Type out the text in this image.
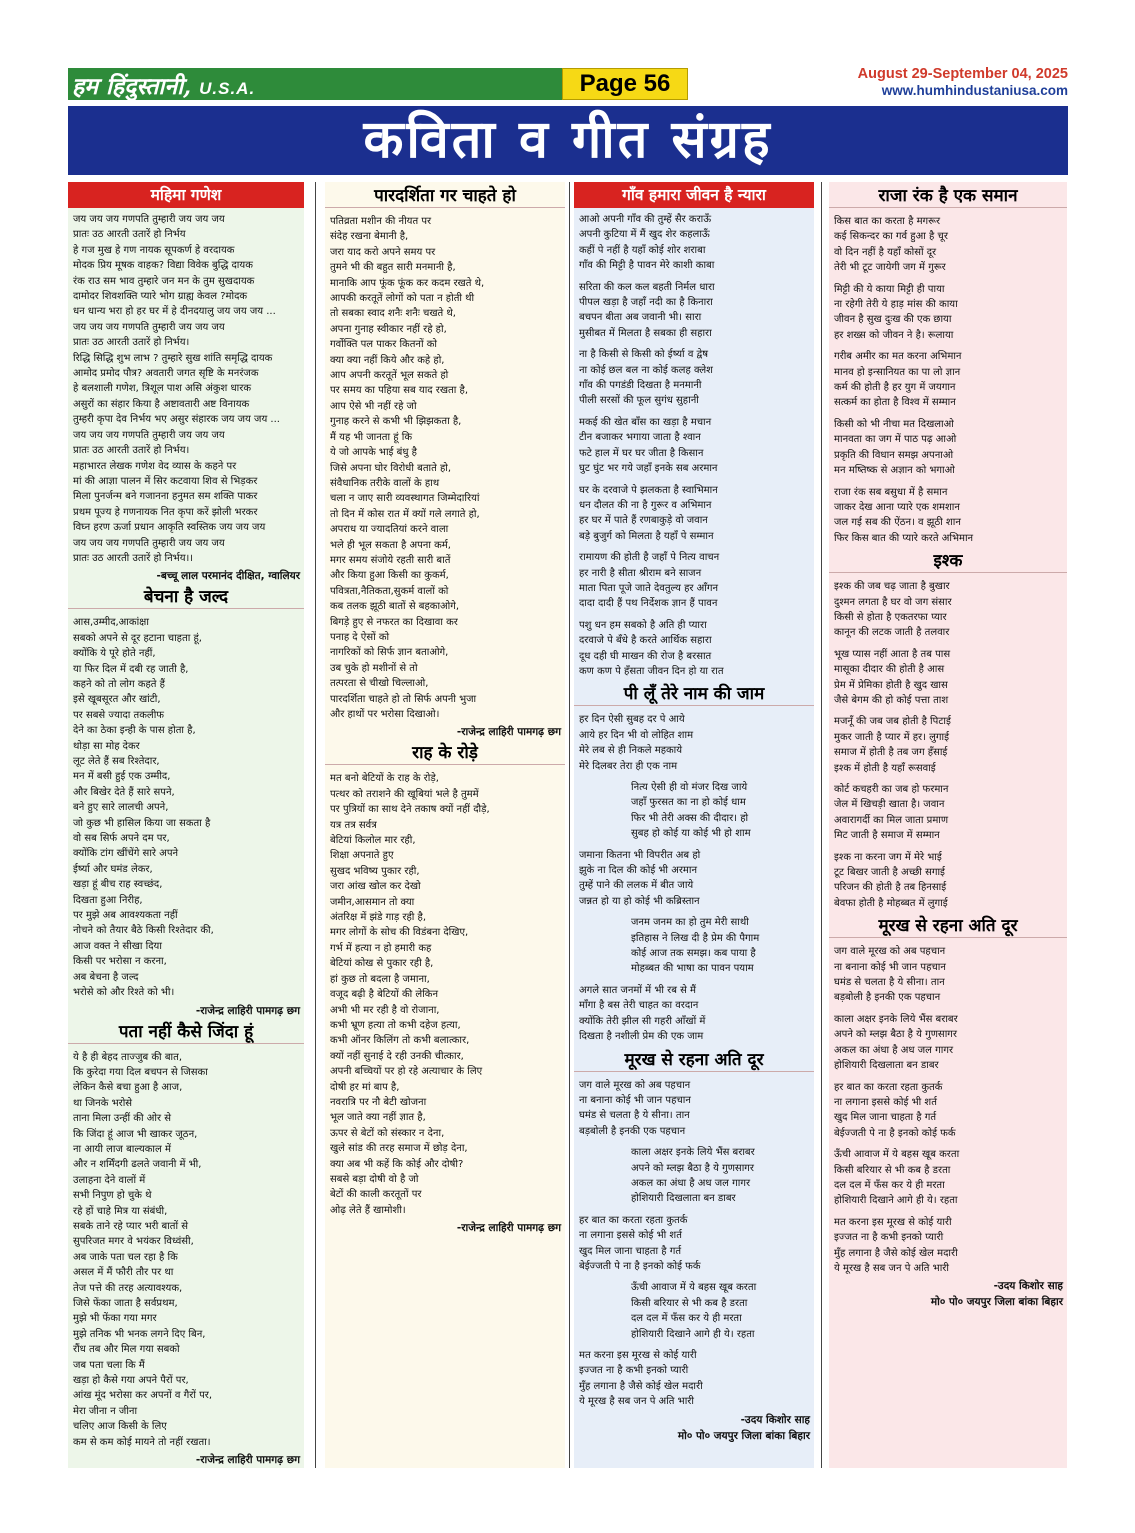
हम हिंदुस्तानी, U.S.A.	Page 56	August 29-September 04, 2025
www.humhindustaniusa.com
कविता व गीत संग्रह
महिमा गणेश

जय जय जय गणपति तुम्हारी जय जय जय

प्रातः उठ आरती उतारें हो निर्भय

हे गज मुख हे गण नायक सूपकर्ण हे वरदायक

मोदक प्रिय मूषक वाहक? विद्या विवेक बुद्धि दायक

रंक राउ सम भाव तुम्हारे जन मन के तुम सुखदायक

दामोदर शिवशक्ति प्यारे भोग ग्राह्य केवल ?मोदक

धन धान्य भरा हो हर घर में हे दीनदयालु जय जय जय ...

जय जय जय गणपति तुम्हारी जय जय जय

प्रातः उठ आरती उतारें हो निर्भय।

रिद्धि सिद्धि शुभ लाभ ? तुम्हारे सुख शांति समृद्धि दायक

आमोद प्रमोद पौत्र? अवतारी जगत सृष्टि के मनरंजक

हे बलशाली गणेश, त्रिशूल पाश असि अंकुश धारक

असुरों का संहार किया है अष्टावतारी अष्ट विनायक

तुम्हरी कृपा देव निर्भय भए असुर संहारक जय जय जय ...

जय जय जय गणपति तुम्हारी जय जय जय

प्रातः उठ आरती उतारें हो निर्भय।

महाभारत लेखक गणेश वेद व्यास के कहने पर

मां की आज्ञा पालन में सिर कटवाया शिव से भिड़कर

मिला पुनर्जन्म बने गजानना हनुमत सम शक्ति पाकर

प्रथम पूज्य हे गणनायक नित कृपा करें झोली भरकर

विघ्न हरण ऊर्जा प्रधान आकृति स्वस्तिक जय जय जय

जय जय जय गणपति तुम्हारी जय जय जय

प्रातः उठ आरती उतारें हो निर्भय।।

-बच्चू लाल परमानंद दीक्षित, ग्वालियर
बेचना है जल्द

आस,उम्मीद,आकांक्षा

सबको अपने से दूर हटाना चाहता हूं,

क्योंकि ये पूरे होते नहीं,

या फिर दिल में दबी रह जाती है,

कहने को तो लोग कहते हैं

इसे खूबसूरत और खांटी,

पर सबसे ज्यादा तकलीफ

देने का ठेका इन्ही के पास होता है,

थोड़ा सा मोह देकर

लूट लेते हैं सब रिश्तेदार,

मन में बसी हुई एक उम्मीद,

और बिखेर देते हैं सारे सपने,

बने हुए सारे लालची अपने,

जो कुछ भी हासिल किया जा सकता है

वो सब सिर्फ अपने दम पर,

क्योंकि टांग खींचेंगे सारे अपने

ईर्ष्या और घमंड लेकर,

खड़ा हूं बीच राह स्वच्छंद,

दिखता हुआ निरीह,

पर मुझे अब आवश्यकता नहीं

नोचने को तैयार बैठे किसी रिश्तेदार की,

आज वक्त ने सीखा दिया

किसी पर भरोसा न करना,

अब बेचना है जल्द

भरोसे को और रिश्ते को भी।

-राजेन्द्र लाहिरी पामगढ़ छग
पता नहीं कैसे जिंदा हूं

ये है ही बेहद ताज्जुब की बात,

कि कुरेदा गया दिल बचपन से जिसका

लेकिन कैसे बचा हुआ है आज,

था जिनके भरोसे

ताना मिला उन्हीं की ओर से

कि जिंदा हूं आज भी खाकर जूठन,

ना आयी लाज बाल्यकाल में

और न शर्मिंदगी ढलते जवानी में भी,

उलाहना देने वालों में

सभी निपुण हो चुके थे

रहे हों चाहे मित्र या संबंधी,

सबके ताने रहे प्यार भरी बातों से

सुपरिजत मगर वे भयंकर विध्वंसी,

अब जाके पता चल रहा है कि

असल में मैं फौरी तौर पर था

तेज पत्ते की तरह अत्यावश्यक,

जिसे फेंका जाता है सर्वप्रथम,

मुझे भी फेंका गया मगर

मुझे तनिक भी भनक लगने दिए बिन,

रौंध तब और मिल गया सबको

जब पता चला कि मैं

खड़ा हो कैसे गया अपने पैरों पर,

आंख मूंद भरोसा कर अपनों व गैरों पर,

मेरा जीना न जीना

चलिए आज किसी के लिए

कम से कम कोई मायने तो नहीं रखता।

-राजेन्द्र लाहिरी पामगढ़ छग
पारदर्शिता गर चाहते हो

पतिव्रता मशीन की नीयत पर

संदेह रखना बेमानी है,

जरा याद करो अपने समय पर

तुमने भी की बहुत सारी मनमानी है,

मानाकि आप फूंक फूंक कर कदम रखते थे,

आपकी करतूतें लोगों को पता न होती थी

तो सबका स्वाद शनैः शनैः चखते थे,

अपना गुनाह स्वीकार नहीं रहे हो,

गर्वोक्ति पल पाकर कितनों को

क्या क्या नहीं किये और कहे हो,

आप अपनी करतूतें भूल सकते हो

पर समय का पहिया सब याद रखता है,

आप ऐसे भी नहीं रहे जो

गुनाह करने से कभी भी झिझकता है,

मैं यह भी जानता हूं कि

ये जो आपके भाई बंधु है

जिसे अपना घोर विरोधी बताते हो,

संवैधानिक तरीके वालों के हाथ

चला न जाए सारी व्यवस्थागत जिम्मेदारियां

तो दिन में कोस रात में क्यों गले लगाते हो,

अपराध या ज्यादतियां करने वाला

भले ही भूल सकता है अपना कर्म,

मगर समय संजोये रहती सारी बातें

और किया हुआ किसी का कुकर्म,

पवित्रता,नैतिकता,सुकर्म वालों को

कब तलक झूठी बातों से बहकाओगे,

बिगड़े हुए से नफरत का दिखावा कर

पनाह दे ऐसों को

नागरिकों को सिर्फ ज्ञान बताओगे,

उब चुके हो मशीनों से तो

तत्परता से चीखो चिल्लाओ,

पारदर्शिता चाहते हो तो सिर्फ अपनी भुजा

और हाथों पर भरोसा दिखाओ।

-राजेन्द्र लाहिरी पामगढ़ छग
राह के रोड़े

मत बनो बेटियों के राह के रोड़े,

पत्थर को तराशने की खूबियां भले है तुममें

पर पुत्रियों का साथ देने तकाष क्यों नहीं दौड़े,

यत्र तत्र सर्वत्र

बेटियां किलोल मार रही,

शिक्षा अपनाते हुए

सुखद भविष्य पुकार रही,

जरा आंख खोल कर देखो

जमीन,आसमान तो क्या

अंतरिक्ष में झंडे गाड़ रही है,

मगर लोगों के सोच की विडंबना देखिए,

गर्भ में हत्या न हो हमारी कह

बेटियां कोख से पुकार रही है,

हां कुछ तो बदला है जमाना,

वजूद बढ़ी है बेटियों की लेकिन

अभी भी मर रही है वो रोजाना,

कभी भ्रूण हत्या तो कभी दहेज हत्या,

कभी ऑनर किलिंग तो कभी बलात्कार,

क्यों नहीं सुनाई दे रही उनकी चीत्कार,

अपनी बच्चियों पर हो रहे अत्याचार के लिए

दोषी हर मां बाप है,

नवरात्रि पर नौ बेटी खोजना

भूल जाते क्या नहीं ज्ञात है,

ऊपर से बेटों को संस्कार न देना,

खुले सांड की तरह समाज में छोड़ देना,

क्या अब भी कहें कि कोई और दोषी?

सबसे बड़ा दोषी वो है जो

बेटों की काली करतूतों पर

ओढ़ लेते हैं खामोशी।

-राजेन्द्र लाहिरी पामगढ़ छग
गाँव हमारा जीवन है न्यारा

आओ अपनी गाँव की तुम्हें सैर कराऊँ

अपनी कुटिया में मैं खुद शेर कहलाऊँ

कहीं पे नहीं है यहाँ कोई शोर शराबा

गाँव की मिट्टी है पावन मेरे काशी काबा

सरिता की कल कल बहती निर्मल धारा

पीपल खड़ा है जहाँ नदी का है किनारा

बचपन बीता अब जवानी भी। सारा

मुसीबत में मिलता है सबका ही सहारा

ना है किसी से किसी को ईर्ष्या व द्वेष

ना कोई छल बल ना कोई कलह क्लेश

गाँव की पगडंडी दिखता है मनमानी

पीली सरसों की फूल सुगंध सुहानी

मकई की खेत बाँस का खड़ा है मचान

टीन बजाकर भगाया जाता है श्वान

फटे हाल में घर घर जीता है किसान

घुट घुंट भर गये जहाँ इनके सब अरमान

घर के दरवाजे पे झलकता है स्वाभिमान

धन दौलत की ना है गुरूर व अभिमान

हर घर में पाते हैं रणबाकुड़े वो जवान

बड़े बुजुर्ग को मिलता है यहाँ पे सम्मान

रामायण की होती है जहाँ पे नित्य वाचन

हर नारी है सीता श्रीराम बने साजन

माता पिता पूजे जाते देवतुल्य हर आँगन

दादा दादी हैं पथ निर्देशक ज्ञान हैं पावन

पशु धन हम सबको है अति ही प्यारा

दरवाजे पे बँधे है करते आर्थिक सहारा

दूध दही घी माखन की रोज है बरसात

कण कण पे हँसता जीवन दिन हो या रात

पी लूँ तेरे नाम की जाम

हर दिन ऐसी सुबह दर पे आये

आये हर दिन भी वो लोहित शाम

मेरे लब से ही निकले महकाये

मेरे दिलबर तेरा ही एक नाम

नित्य ऐसी ही वो मंजर दिख जाये

जहाँ फुरसत का ना हो कोई धाम

फिर भी तेरी अक्स की दीदार। हो

सुबह हो कोई या कोई भी हो शाम

जमाना कितना भी विपरीत अब हो

झुके ना दिल की कोई भी अरमान

तुम्हें पाने की ललक में बीत जाये

जन्नत हो या हो कोई भी कब्रिस्तान

जनम जनम का हो तुम मेरी साथी

इतिहास ने लिख दी है प्रेम की पैगाम

कोई आज तक समझ। कब पाया है

मोहब्बत की भाषा का पावन पयाम

अगले सात जनमों में भी रब से मैं

माँगा है बस तेरी चाहत का वरदान

क्योंकि तेरी झील सी गहरी आँखों में

दिखता है नशीली प्रेम की एक जाम

मूरख से रहना अति दूर

जग वाले मूरख को अब पहचान

ना बनाना कोई भी जान पहचान

घमंड से चलता है ये सीना। तान

बड़बोली है इनकी एक पहचान

काला अक्षर इनके लिये भैंस बराबर

अपने को म्लझ बैठा है ये गुणसागर

अकल का अंधा है अध जल गागर

होशियारी दिखलाता बन डाबर

हर बात का करता रहता कुतर्क

ना लगाना इससे कोई भी शर्त

खुद मिल जाना चाहता है गर्त

बेईज्जती पे ना है इनको कोई फर्क

ऊँची आवाज में ये बहस खूब करता

किसी बरियार से भी कब है डरता

दल दल में फँस कर ये ही मरता

होशियारी दिखाने आगे ही ये। रहता

मत करना इस मूरख से कोई यारी

इज्जत ना है कभी इनको प्यारी

मुँह लगाना है जैसे कोई खेल मदारी

ये मूरख है सब जन पे अति भारी

-उदय किशोर साह
मो० पो० जयपुर जिला बांका बिहार
राजा रंक है एक समान

किस बात का करता है मगरूर

कई सिकन्दर का गर्व हुआ है चूर

वो दिन नहीं है यहाँ कोसों दूर

तेरी भी टूट जायेगी जग में गुरूर

मिट्टी की ये काया मिट्टी ही पाया

ना रहेगी तेरी ये हाड़ मांस की काया

जीवन है सुख दुःख की एक छाया

हर शख्स को जीवन ने है। रूलाया

गरीब अमीर का मत करना अभिमान

मानव हो इन्सानियत का पा लो ज्ञान

कर्म की होती है हर युग में जयगान

सत्कर्म का होता है विश्व में सम्मान

किसी को भी नीचा मत दिखलाओ

मानवता का जग में पाठ पढ़ आओ

प्रकृति की विधान समझ अपनाओ

मन मष्तिष्क से अज्ञान को भगाओ

राजा रंक सब बसुधा में है समान

जाकर देख आना प्यारे एक शमशान

जल गई सब की ऐंठन। व झूठी शान

फिर किस बात की प्यारे करते अभिमान

इश्क

इश्क की जब चढ़ जाता है बुखार

दुश्मन लगता है घर वो जग संसार

किसी से होता है एकतरफा प्यार

कानून की लटक जाती है तलवार

भूख प्यास नहीं आता है तब पास

मासूका दीदार की होती है आस

प्रेम में प्रेमिका होती है खुद खास

जैसे बेगम की हो कोई पत्ता ताश

मजनूँ की जब जब होती है पिटाई

मुकर जाती है प्यार में हर। लुगाई

समाज में होती है तब जग हँसाई

इश्क में होती है यहाँ रूसवाई

कोर्ट कचहरी का जब हो फरमान

जेल में खिचड़ी खाता है। जवान

अवारागर्दी का मिल जाता प्रमाण

मिट जाती है समाज में सम्मान

इश्क ना करना जग में मेरे भाई

टूट बिखर जाती है अच्छी सगाई

परिजन की होती है तब हिनसाई

बेवफा होती है मोहब्बत में लुगाई

मूरख से रहना अति दूर

जग वाले मूरख को अब पहचान

ना बनाना कोई भी जान पहचान

घमंड से चलता है ये सीना। तान

बड़बोली है इनकी एक पहचान

काला अक्षर इनके लिये भैंस बराबर

अपने को म्लझ बैठा है ये गुणसागर

अकल का अंधा है अध जल गागर

होशियारी दिखलाता बन डाबर

हर बात का करता रहता कुतर्क

ना लगाना इससे कोई भी शर्त

खुद मिल जाना चाहता है गर्त

बेईज्जती पे ना है इनको कोई फर्क

ऊँची आवाज में ये बहस खूब करता

किसी बरियार से भी कब है डरता

दल दल में फँस कर ये ही मरता

होशियारी दिखाने आगे ही ये। रहता

मत करना इस मूरख से कोई यारी

इज्जत ना है कभी इनको प्यारी

मुँह लगाना है जैसे कोई खेल मदारी

ये मूरख है सब जन पे अति भारी

-उदय किशोर साह
मो० पो० जयपुर जिला बांका बिहार
